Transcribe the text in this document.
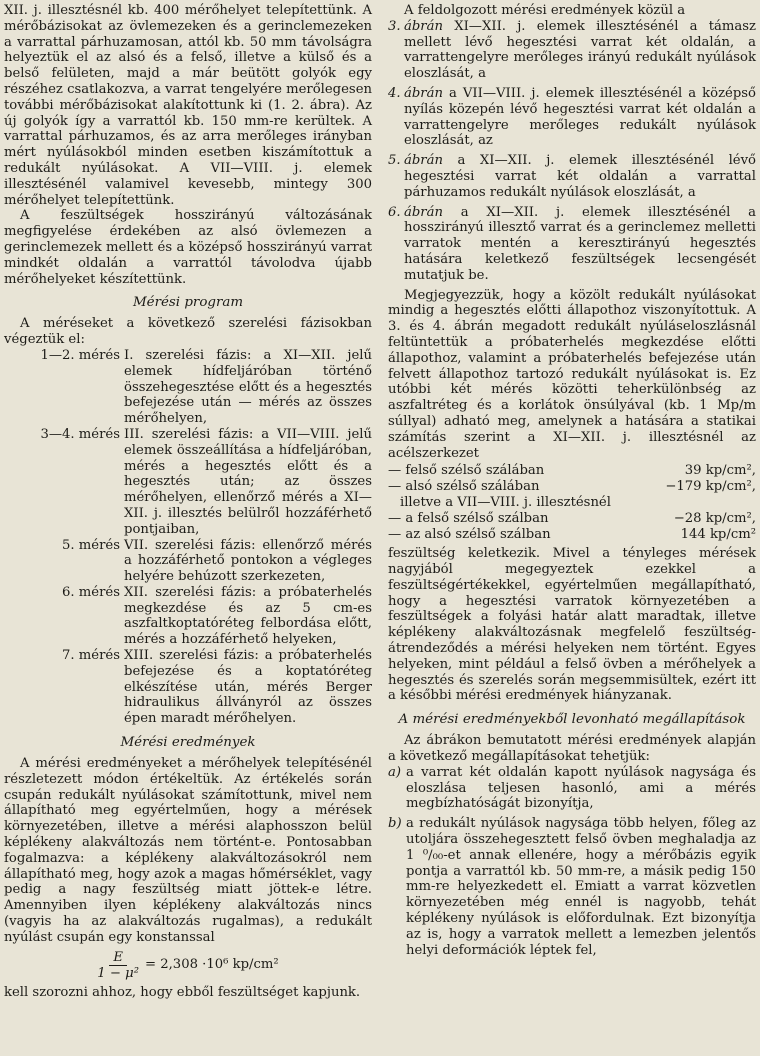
XII. j. illesztésnél kb. 400 mérőhelyet telepítettünk. A mérőbázisokat az övlemezeken és a gerinclemezeken a varrattal párhuzamosan, attól kb. 50 mm távolságra helyeztük el az alsó és a felső, illetve a külső és a belső felületen, majd a már beütött golyók egy részéhez csatlakozva, a varrat tengelyére merőlegesen további mérőbázisokat alakítottunk ki (1. 2. ábra). Az új golyók így a varrattól kb. 150 mm-re kerültek. A varrattal párhuzamos, és az arra merőleges irányban mért nyúlásokból minden esetben kiszámítottuk a redukált nyúlásokat. A VII—VIII. j. elemek illesztésénél valamivel kevesebb, mintegy 300 mérőhelyet telepítettünk.

A feszültségek hosszirányú változásának megfigyelése érdekében az alsó övlemezen a gerinclemezek mellett és a középső hosszirányú varrat mindkét oldalán a varrattól távolodva újabb mérőhelyeket készítettünk.

Mérési program

A méréseket a következő szerelési fázisokban végeztük el:

1—2. mérés I. szerelési fázis: a XI—XII. jelű elemek hídfeljáróban történő összehegesztése előtt és a hegesztés befejezése után — mérés az összes mérőhelyen,
3—4. mérés III. szerelési fázis: a VII—VIII. jelű elemek összeállítása a hídfeljáróban, mérés a hegesztés előtt és a hegesztés után; az összes mérőhelyen, ellenőrző mérés a XI—XII. j. illesztés belülről hozzáférhető pontjaiban,
5. mérés VII. szerelési fázis: ellenőrző mérés a hozzáférhető pontokon a végleges helyére behúzott szerkezeten,
6. mérés XII. szerelési fázis: a próbaterhelés megkezdése és az 5 cm-es aszfaltkoptatóréteg felbordása előtt, mérés a hozzáférhető helyeken,
7. mérés XIII. szerelési fázis: a próbaterhelés befejezése és a koptatóréteg elkészítése után, mérés Berger hidraulikus állványról az összes épen maradt mérőhelyen.
Mérési eredmények

A mérési eredményeket a mérőhelyek telepítésénél részletezett módon értékeltük. Az értékelés során csupán redukált nyúlásokat számítottunk, mivel nem állapítható meg egyértelműen, hogy a mérések környezetében, illetve a mérési alaphosszon belül képlékeny alakváltozás nem történt-e. Pontosabban fogalmazva: a képlékeny alakváltozásokról nem állapítható meg, hogy azok a magas hőmérséklet, vagy pedig a nagy feszültség miatt jöttek-e létre. Amennyiben ilyen képlékeny alakváltozás nincs (vagyis ha az alakváltozás rugalmas), a redukált nyúlást csupán egy konstanssal

$\frac{E}{\text{1 − μ²}} = 2,308 \cdot 10^6$ kp/cm²

kell szorozni ahhoz, hogy ebből feszültséget kapjunk.

A feldolgozott mérési eredmények közül a

3. ábrán XI—XII. j. elemek illesztésénél a támasz mellett lévő hegesztési varrat két oldalán, a varrattengelyre merőleges irányú redukált nyúlások eloszlását, a
4. ábrán a VII—VIII. j. elemek illesztésénél a középső nyílás közepén lévő hegesztési varrat két oldalán a varrattengelyre merőleges redukált nyúlások eloszlását, az
5. ábrán a XI—XII. j. elemek illesztésénél lévő hegesztési varrat két oldalán a varrattal párhuzamos redukált nyúlások eloszlását, a
6. ábrán a XI—XII. j. elemek illesztésénél a hosszirányú illesztő varrat és a gerinclemez melletti varratok mentén a keresztirányú hegesztés hatására keletkező feszültségek lecsengését mutatjuk be.

Megjegyezzük, hogy a közölt redukált nyúlásokat mindig a hegesztés előtti állapothoz viszonyítottuk. A 3. és 4. ábrán megadott redukált nyúláseloszlásnál feltüntettük a próbaterhelés megkezdése előtti állapothoz, valamint a próbaterhelés befejezése után felvett állapothoz tartozó redukált nyúlásokat is. Ez utóbbi két mérés közötti teherkülönbség az aszfaltréteg és a korlátok önsúlyával (kb. 1 Mp/m súllyal) adható meg, amelynek a hatására a statikai számítás szerint a XI—XII. j. illesztésnél az acélszerkezet

— felső szélső szálában	39 kp/cm²,
— alsó szélső szálában	−179 kp/cm²,
illetve a VII—VIII. j. illesztésnél
— a felső szélső szálban	−28 kp/cm²,
— az alsó szélső szálban	144 kp/cm²

feszültség keletkezik. Mivel a tényleges mérések nagyjából megegyeztek ezekkel a feszültségértékekkel, egyértelműen megállapítható, hogy a hegesztési varratok környezetében a feszültségek a folyási határ alatt maradtak, illetve képlékeny alakváltozásnak megfelelő feszültség-átrendeződés a mérési helyeken nem történt. Egyes helyeken, mint például a felső övben a mérőhelyek a hegesztés és szerelés során megsemmisültek, ezért itt a későbbi mérési eredmények hiányzanak.

A mérési eredményekből levonható megállapítások

Az ábrákon bemutatott mérési eredmények alapján a következő megállapításokat tehetjük:

a) a varrat két oldalán kapott nyúlások nagysága és eloszlása teljesen hasonló, ami a mérés megbízhatóságát bizonyítja,
b) a redukált nyúlások nagysága több helyen, főleg az utoljára összehegesztett felső övben meghaladja az 1 ⁰/₀₀-et annak ellenére, hogy a mérőbázis egyik pontja a varrattól kb. 50 mm-re, a másik pedig 150 mm-re helyezkedett el. Emiatt a varrat közvetlen környezetében még ennél is nagyobb, tehát képlékeny nyúlások is előfordulnak. Ezt bizonyítja az is, hogy a varratok mellett a lemezben jelentős helyi deformációk léptek fel,
